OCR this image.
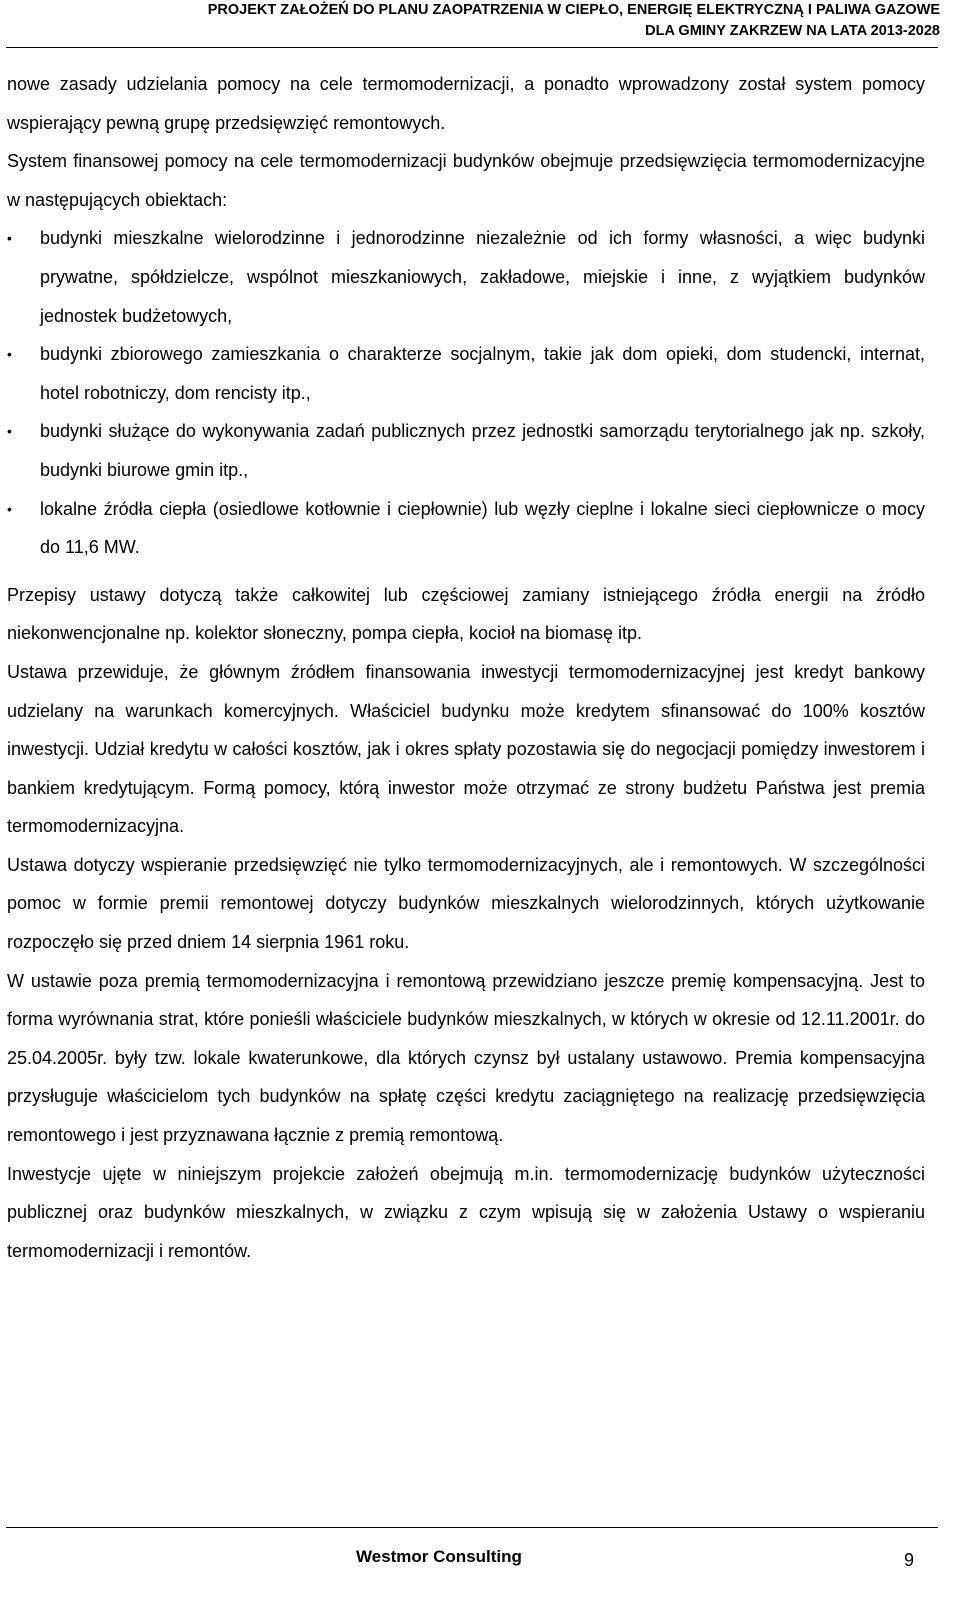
PROJEKT ZAŁOŻEŃ DO PLANU ZAOPATRZENIA W CIEPŁO, ENERGIĘ ELEKTRYCZNĄ I PALIWA GAZOWE
DLA GMINY ZAKRZEW NA LATA 2013-2028

nowe zasady udzielania pomocy na cele termomodernizacji, a ponadto wprowadzony został system pomocy wspierający pewną grupę przedsięwzięć remontowych.

System finansowej pomocy na cele termomodernizacji budynków obejmuje przedsięwzięcia termomodernizacyjne w następujących obiektach:

• budynki mieszkalne wielorodzinne i jednorodzinne niezależnie od ich formy własności, a więc budynki prywatne, spółdzielcze, wspólnot mieszkaniowych, zakładowe, miejskie i inne, z wyjątkiem budynków jednostek budżetowych,
• budynki zbiorowego zamieszkania o charakterze socjalnym, takie jak dom opieki, dom studencki, internat, hotel robotniczy, dom rencisty itp.,
• budynki służące do wykonywania zadań publicznych przez jednostki samorządu terytorialnego jak np. szkoły, budynki biurowe gmin itp.,
• lokalne źródła ciepła (osiedlowe kotłownie i ciepłownie) lub węzły cieplne i lokalne sieci ciepłownicze o mocy do 11,6 MW.

Przepisy ustawy dotyczą także całkowitej lub częściowej zamiany istniejącego źródła energii na źródło niekonwencjonalne np. kolektor słoneczny, pompa ciepła, kocioł na biomasę itp.

Ustawa przewiduje, że głównym źródłem finansowania inwestycji termomodernizacyjnej jest kredyt bankowy udzielany na warunkach komercyjnych. Właściciel budynku może kredytem sfinansować do 100% kosztów inwestycji. Udział kredytu w całości kosztów, jak i okres spłaty pozostawia się do negocjacji pomiędzy inwestorem i bankiem kredytującym. Formą pomocy, którą inwestor może otrzymać ze strony budżetu Państwa jest premia termomodernizacyjna.

Ustawa dotyczy wspieranie przedsięwzięć nie tylko termomodernizacyjnych, ale i remontowych. W szczególności pomoc w formie premii remontowej dotyczy budynków mieszkalnych wielorodzinnych, których użytkowanie rozpoczęło się przed dniem 14 sierpnia 1961 roku.

W ustawie poza premią termomodernizacyjna i remontową przewidziano jeszcze premię kompensacyjną. Jest to forma wyrównania strat, które ponieśli właściciele budynków mieszkalnych, w których w okresie od 12.11.2001r. do 25.04.2005r. były tzw. lokale kwaterunkowe, dla których czynsz był ustalany ustawowo. Premia kompensacyjna przysługuje właścicielom tych budynków na spłatę części kredytu zaciągniętego na realizację przedsięwzięcia remontowego i jest przyznawana łącznie z premią remontową.

Inwestycje ujęte w niniejszym projekcie założeń obejmują m.in. termomodernizację budynków użyteczności publicznej oraz budynków mieszkalnych, w związku z czym wpisują się w założenia Ustawy o wspieraniu termomodernizacji i remontów.

Westmor Consulting	9
